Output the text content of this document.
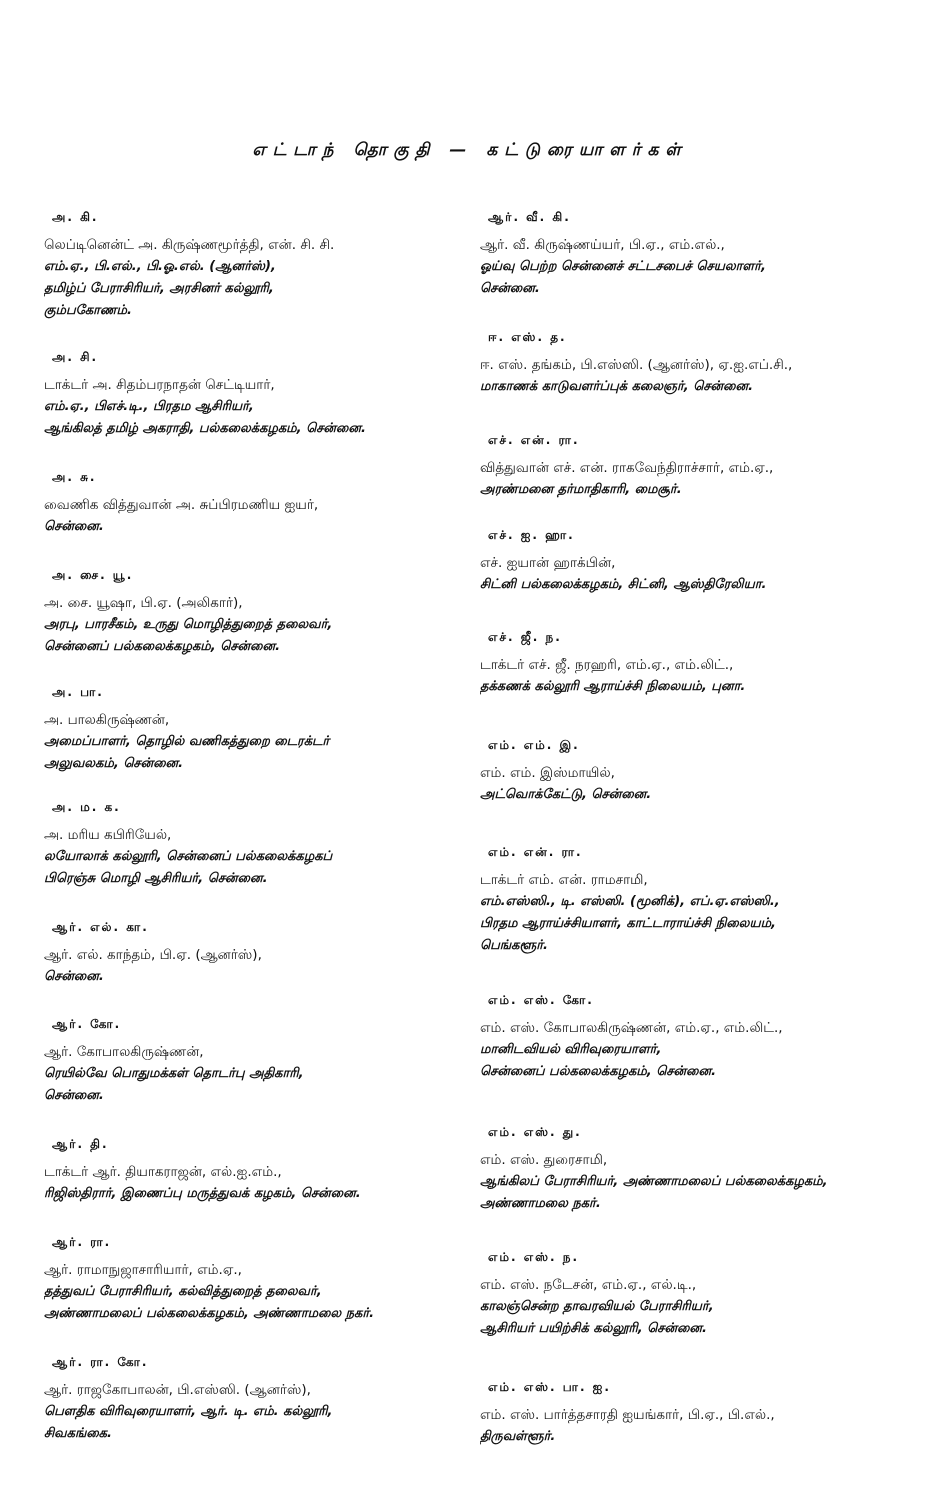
எட்டாந் தொகுதி — கட்டுரையாளர்கள்
அ. கி.
லெப்டினென்ட் அ. கிருஷ்ணமூர்த்தி, என். சி. சி.
எம்.ஏ., பி.எல்., பி.ஓ.எல். (ஆனர்ஸ்),
தமிழ்ப் பேராசிரியர், அரசினர் கல்லூரி,
கும்பகோணம்.
அ. சி.
டாக்டர் அ. சிதம்பரநாதன் செட்டியார்,
எம்.ஏ., பிஎச்.டி., பிரதம ஆசிரியர்,
ஆங்கிலத் தமிழ் அகராதி, பல்கலைக்கழகம், சென்னை.
அ. சு.
வைணிக வித்துவான் அ. சுப்பிரமணிய ஐயர்,
சென்னை.
அ. சை. யூ.
அ. சை. யூஷா, பி.ஏ. (அலிகார்),
அரபு, பாரசீகம், உருது மொழித்துறைத் தலைவர்,
சென்னைப் பல்கலைக்கழகம், சென்னை.
அ. பா.
அ. பாலகிருஷ்ணன்,
அமைப்பாளர், தொழில் வணிகத்துறை டைரக்டர்
அலுவலகம், சென்னை.
அ. ம. க.
அ. மரிய கபிரியேல்,
லயோலாக் கல்லூரி, சென்னைப் பல்கலைக்கழகப்
பிரெஞ்சு மொழி ஆசிரியர், சென்னை.
ஆர். எல். கா.
ஆர். எல். காந்தம், பி.ஏ. (ஆனர்ஸ்),
சென்னை.
ஆர். கோ.
ஆர். கோபாலகிருஷ்ணன்,
ரெயில்வே பொதுமக்கள் தொடர்பு அதிகாரி,
சென்னை.
ஆர். தி.
டாக்டர் ஆர். தியாகராஜன், எல்.ஐ.எம்.,
ரிஜிஸ்திரார், இணைப்பு மருத்துவக் கழகம், சென்னை.
ஆர். ரா.
ஆர். ராமாநுஜாசாரியார், எம்.ஏ.,
தத்துவப் பேராசிரியர், கல்வித்துறைத் தலைவர்,
அண்ணாமலைப் பல்கலைக்கழகம், அண்ணாமலை நகர்.
ஆர். ரா. கோ.
ஆர். ராஜகோபாலன், பி.எஸ்ஸி. (ஆனர்ஸ்),
பௌதிக விரிவுரையாளர், ஆர். டி. எம். கல்லூரி,
சிவகங்கை.
ஆர். வீ. கி.
ஆர். வீ. கிருஷ்ணய்யர், பி.ஏ., எம்.எல்.,
ஓய்வு பெற்ற சென்னைச் சட்டசபைச் செயலாளர்,
சென்னை.
ஈ. எஸ். த.
ஈ. எஸ். தங்கம், பி.எஸ்ஸி. (ஆனர்ஸ்), ஏ.ஐ.எப்.சி.,
மாகாணக் காடுவளர்ப்புக் கலைஞர், சென்னை.
எச். என். ரா.
வித்துவான் எச். என். ராகவேந்திராச்சார், எம்.ஏ.,
அரண்மனை தர்மாதிகாரி, மைசூர்.
எச். ஐ. ஹா.
எச். ஐயான் ஹாக்பின்,
சிட்னி பல்கலைக்கழகம், சிட்னி, ஆஸ்திரேலியா.
எச். ஜீ. ந.
டாக்டர் எச். ஜீ. நரஹரி, எம்.ஏ., எம்.லிட்.,
தக்கணக் கல்லூரி ஆராய்ச்சி நிலையம், புனா.
எம். எம். இ.
எம். எம். இஸ்மாயில்,
அட்வொக்கேட்டு, சென்னை.
எம். என். ரா.
டாக்டர் எம். என். ராமசாமி,
எம்.எஸ்ஸி., டி. எஸ்ஸி. (மூனிக்), எப்.ஏ.எஸ்ஸி.,
பிரதம ஆராய்ச்சியாளர், காட்டாராய்ச்சி நிலையம்,
பெங்களூர்.
எம். எஸ். கோ.
எம். எஸ். கோபாலகிருஷ்ணன், எம்.ஏ., எம்.லிட்.,
மானிடவியல் விரிவுரையாளர்,
சென்னைப் பல்கலைக்கழகம், சென்னை.
எம். எஸ். து.
எம். எஸ். துரைசாமி,
ஆங்கிலப் பேராசிரியர், அண்ணாமலைப் பல்கலைக்கழகம்,
அண்ணாமலை நகர்.
எம். எஸ். ந.
எம். எஸ். நடேசன், எம்.ஏ., எல்.டி.,
காலஞ்சென்ற தாவரவியல் பேராசிரியர்,
ஆசிரியர் பயிற்சிக் கல்லூரி, சென்னை.
எம். எஸ். பா. ஐ.
எம். எஸ். பார்த்தசாரதி ஐயங்கார், பி.ஏ., பி.எல்.,
திருவள்ளூர்.
